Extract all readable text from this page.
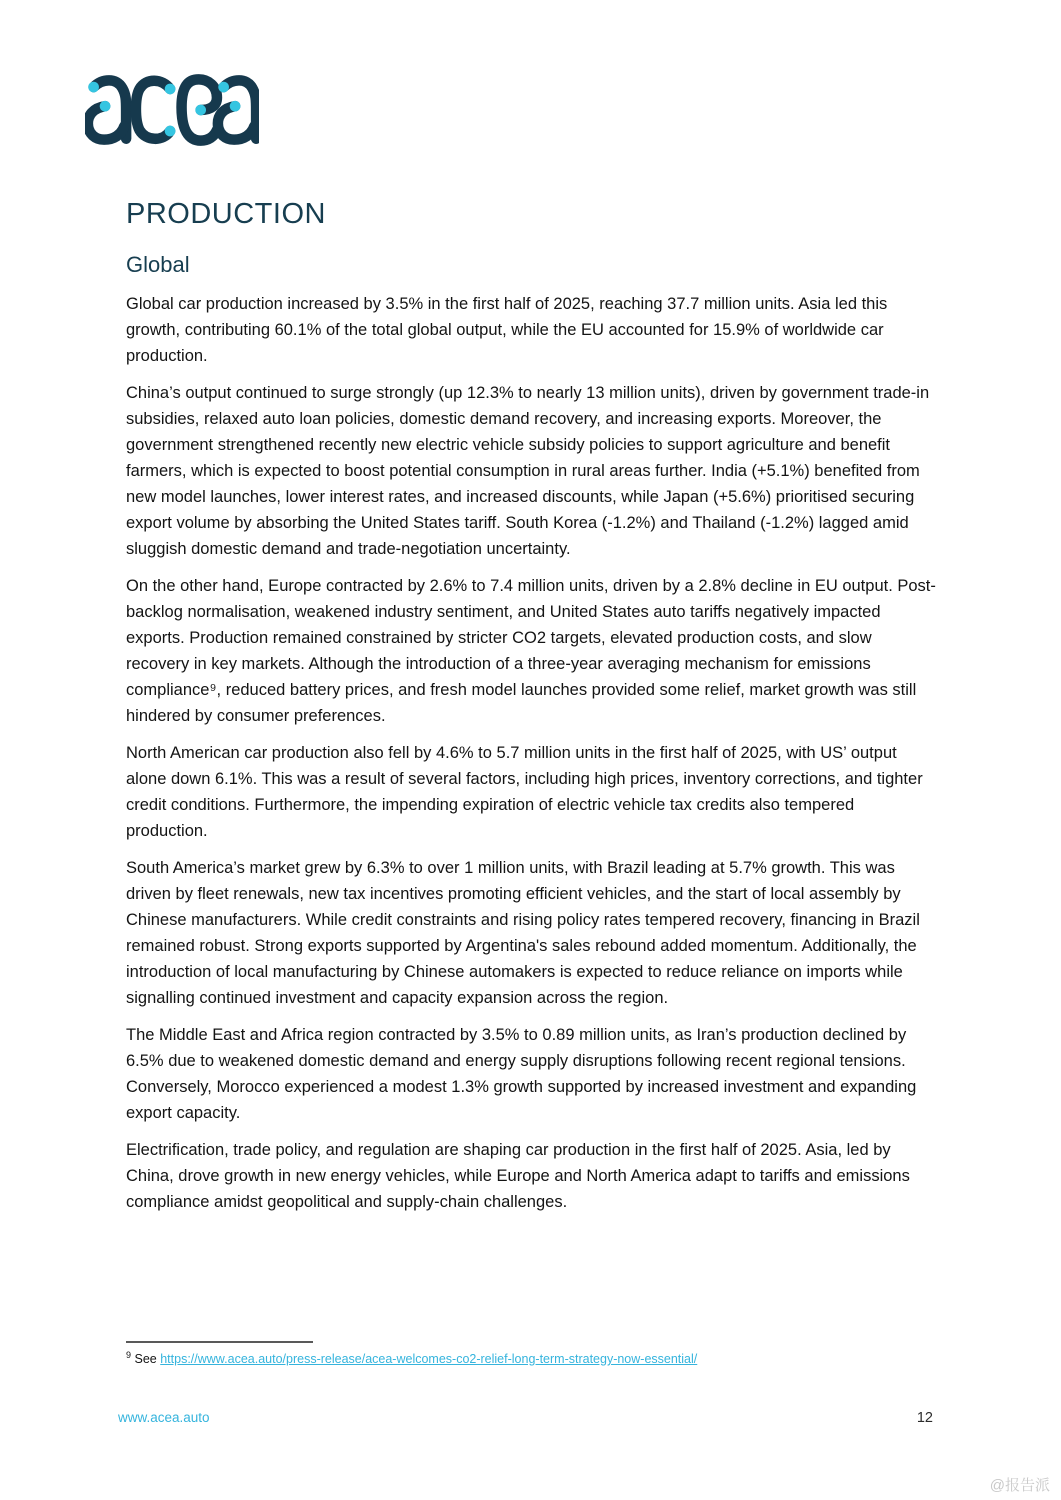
PRODUCTION
Global

Global car production increased by 3.5% in the first half of 2025, reaching 37.7 million units. Asia led this growth, contributing 60.1% of the total global output, while the EU accounted for 15.9% of worldwide car production.

China’s output continued to surge strongly (up 12.3% to nearly 13 million units), driven by government trade-in subsidies, relaxed auto loan policies, domestic demand recovery, and increasing exports. Moreover, the government strengthened recently new electric vehicle subsidy policies to support agriculture and benefit farmers, which is expected to boost potential consumption in rural areas further. India (+5.1%) benefited from new model launches, lower interest rates, and increased discounts, while Japan (+5.6%) prioritised securing export volume by absorbing the United States tariff. South Korea (-1.2%) and Thailand (-1.2%) lagged amid sluggish domestic demand and trade-negotiation uncertainty.

On the other hand, Europe contracted by 2.6% to 7.4 million units, driven by a 2.8% decline in EU output. Post-backlog normalisation, weakened industry sentiment, and United States auto tariffs negatively impacted exports. Production remained constrained by stricter CO2 targets, elevated production costs, and slow recovery in key markets. Although the introduction of a three-year averaging mechanism for emissions compliance⁹, reduced battery prices, and fresh model launches provided some relief, market growth was still hindered by consumer preferences.

North American car production also fell by 4.6% to 5.7 million units in the first half of 2025, with US’ output alone down 6.1%. This was a result of several factors, including high prices, inventory corrections, and tighter credit conditions. Furthermore, the impending expiration of electric vehicle tax credits also tempered production.

South America’s market grew by 6.3% to over 1 million units, with Brazil leading at 5.7% growth. This was driven by fleet renewals, new tax incentives promoting efficient vehicles, and the start of local assembly by Chinese manufacturers. While credit constraints and rising policy rates tempered recovery, financing in Brazil remained robust. Strong exports supported by Argentina's sales rebound added momentum. Additionally, the introduction of local manufacturing by Chinese automakers is expected to reduce reliance on imports while signalling continued investment and capacity expansion across the region.

The Middle East and Africa region contracted by 3.5% to 0.89 million units, as Iran’s production declined by 6.5% due to weakened domestic demand and energy supply disruptions following recent regional tensions. Conversely, Morocco experienced a modest 1.3% growth supported by increased investment and expanding export capacity.

Electrification, trade policy, and regulation are shaping car production in the first half of 2025. Asia, led by China, drove growth in new energy vehicles, while Europe and North America adapt to tariffs and emissions compliance amidst geopolitical and supply-chain challenges.

$^9$ See https://www.acea.auto/press-release/acea-welcomes-co2-relief-long-term-strategy-now-essential/

www.acea.auto	12
@报告派
